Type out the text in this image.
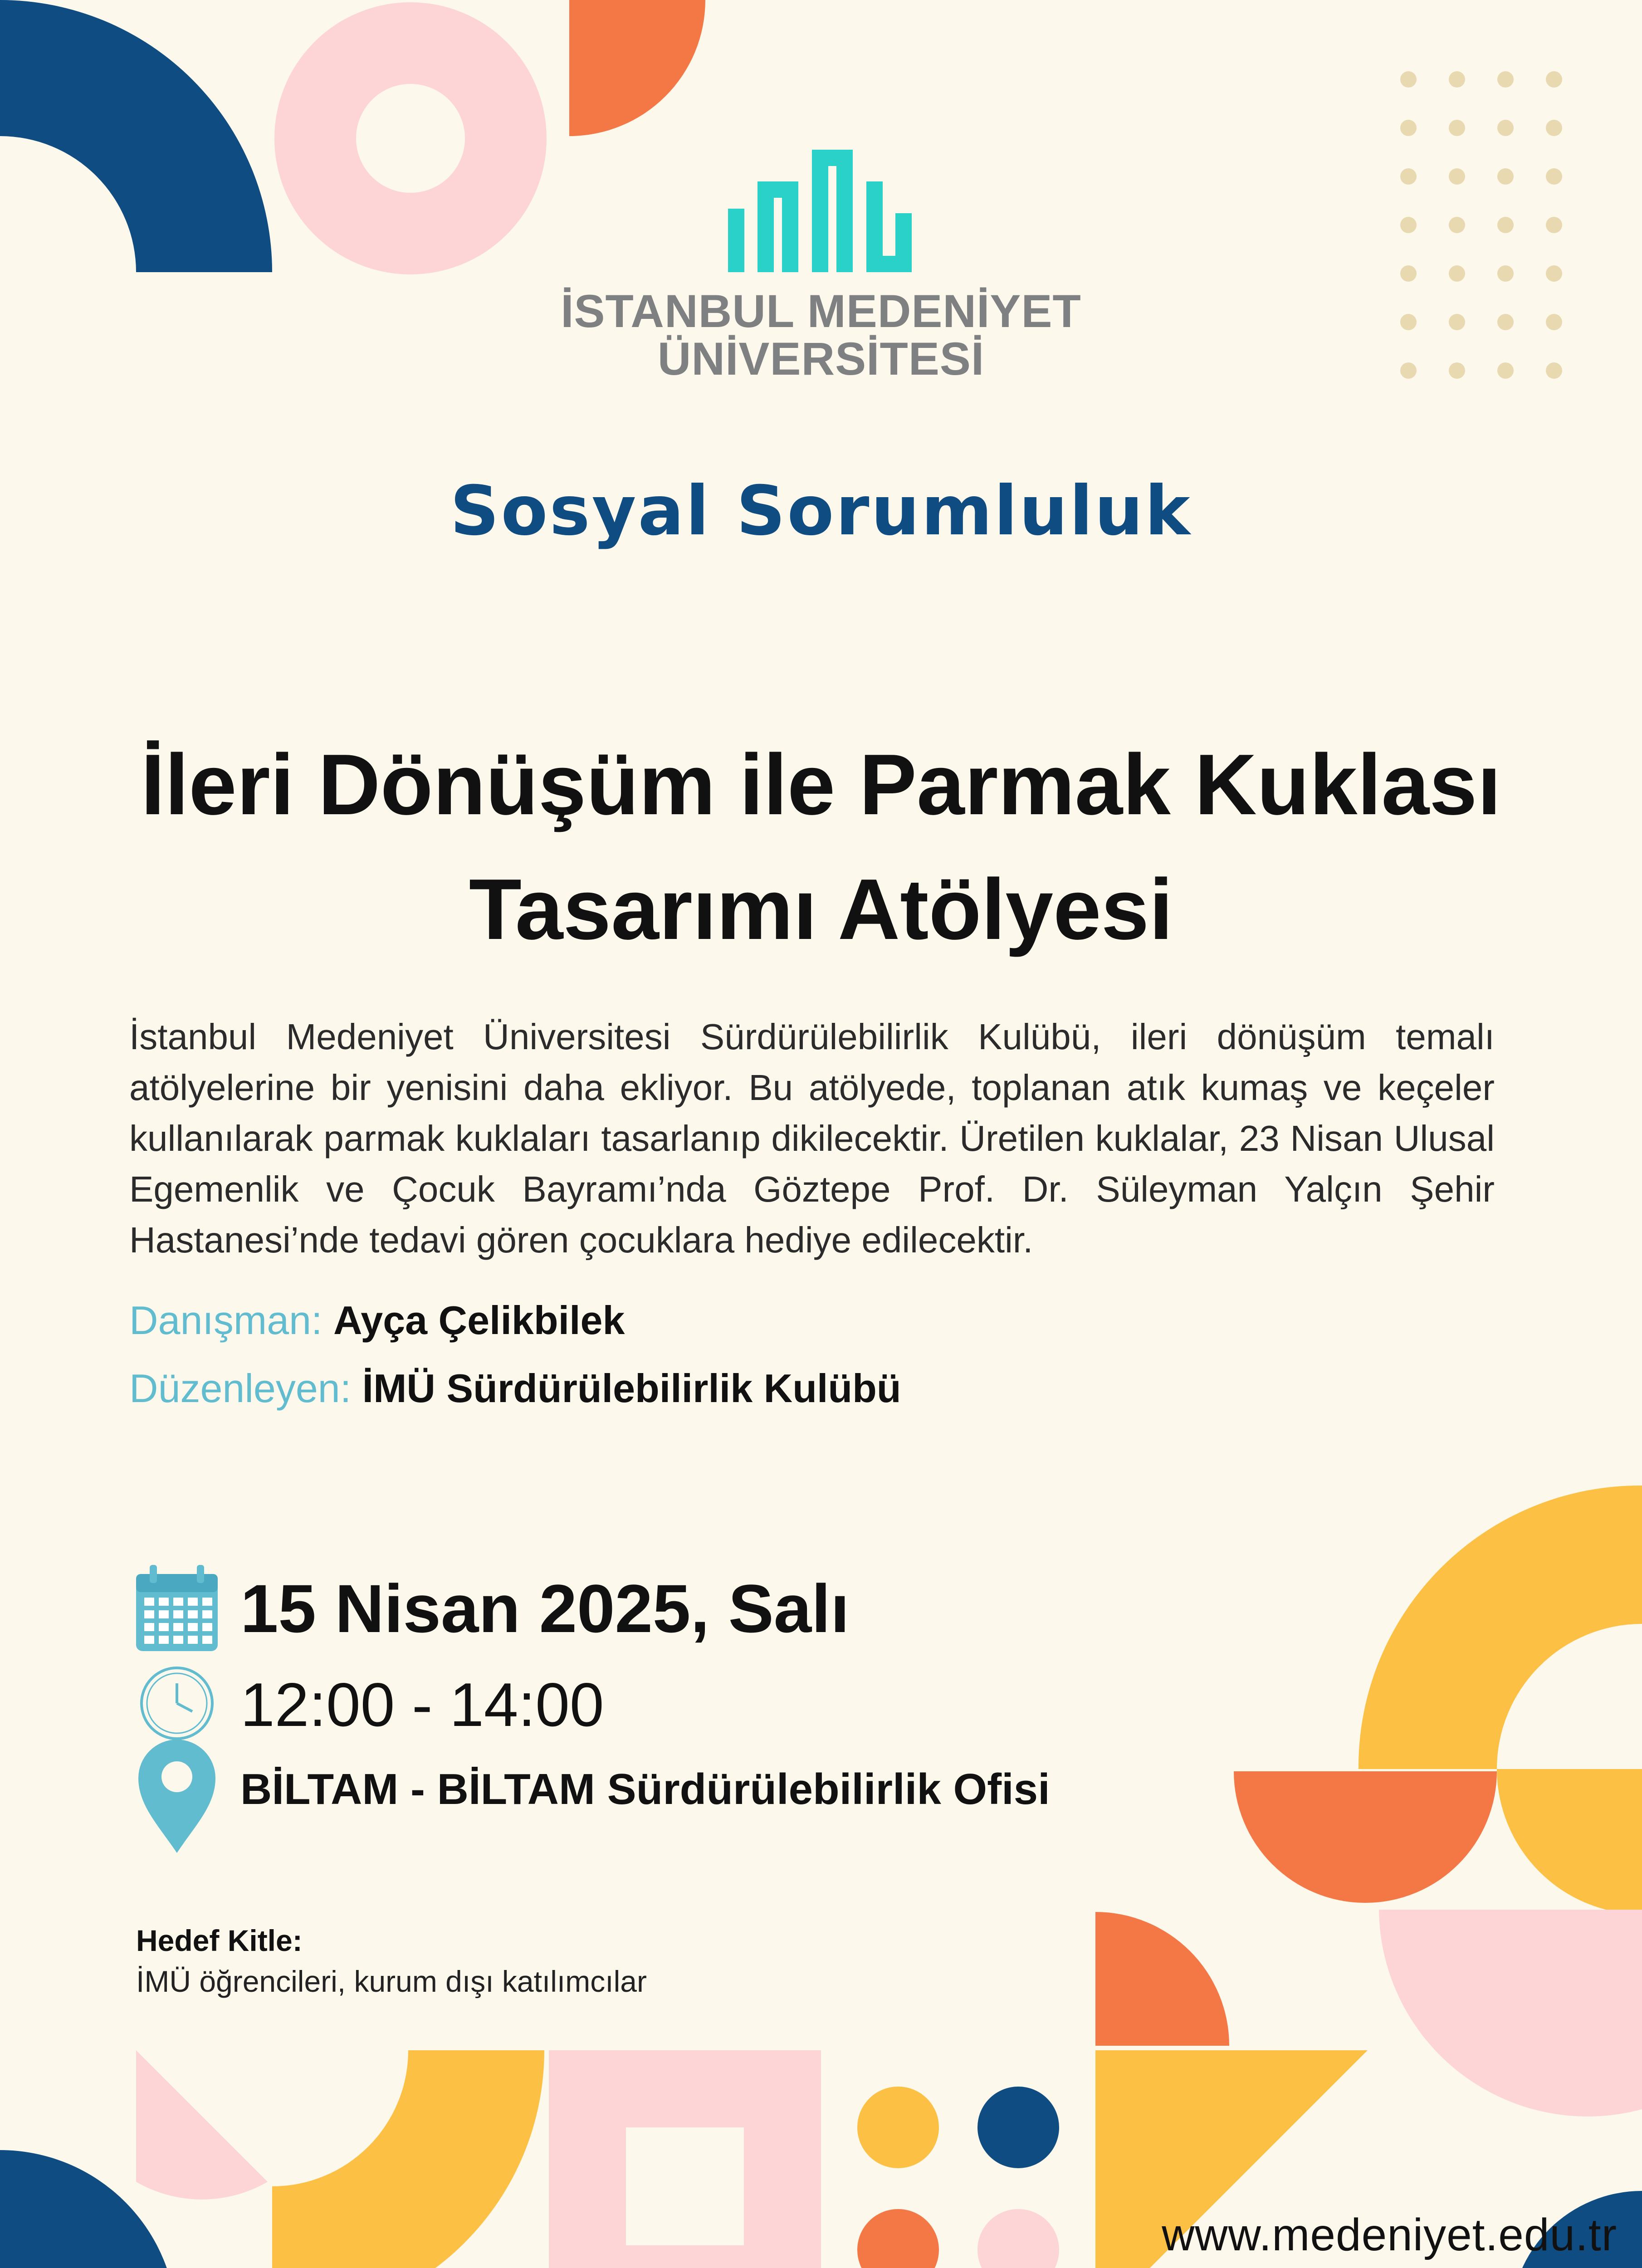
İSTANBUL MEDENİYET
ÜNİVERSİTESİ
Sosyal Sorumluluk
İleri Dönüşüm ile Parmak Kuklası
Tasarımı Atölyesi
İstanbul Medeniyet Üniversitesi Sürdürülebilirlik Kulübü, ileri dönüşüm temalı atölyelerine bir yenisini daha ekliyor. Bu atölyede, toplanan atık kumaş ve keçeler kullanılarak parmak kuklaları tasarlanıp dikilecektir. Üretilen kuklalar, 23 Nisan Ulusal Egemenlik ve Çocuk Bayramı’nda Göztepe Prof. Dr. Süleyman Yalçın Şehir Hastanesi’nde tedavi gören çocuklara hediye edilecektir.
Danışman: Ayça Çelikbilek
Düzenleyen: İMÜ Sürdürülebilirlik Kulübü
15 Nisan 2025, Salı
12:00 - 14:00
BİLTAM - BİLTAM Sürdürülebilirlik Ofisi
Hedef Kitle:
İMÜ öğrencileri, kurum dışı katılımcılar
www.medeniyet.edu.tr
